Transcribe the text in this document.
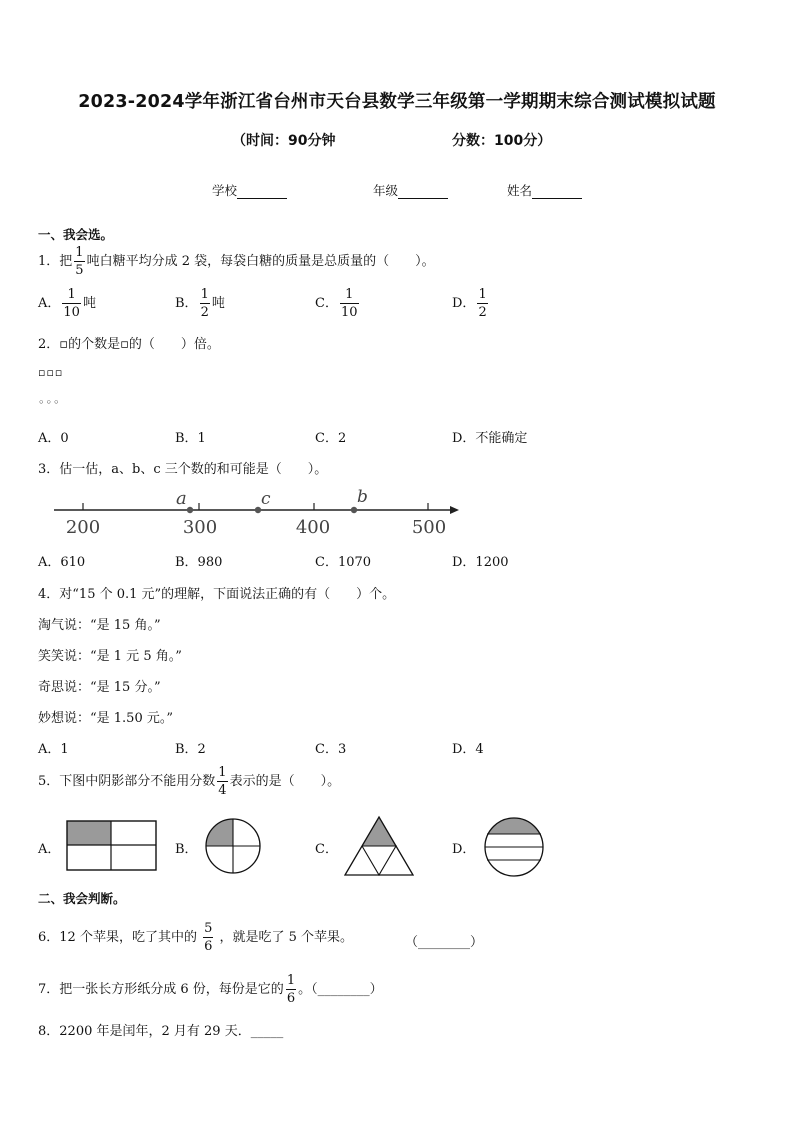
2023-2024学年浙江省台州市天台县数学三年级第一学期期末综合测试模拟试题
（时间：90分钟	分数：100分）
学校	年级	姓名
一、我会选。
1．把 $\frac{1}{5}$ 吨白糖平均分成 2 袋，每袋白糖的质量是总质量的（　　）。
A． $\frac{1}{10}$ 吨	B． $\frac{1}{2}$ 吨	C． $\frac{1}{10}$	D． $\frac{1}{2}$
2．▫的个数是▫的（　　）倍。
▫▫▫
◦◦◦
A．0	B．1	C．2	D．不能确定
3．估一估，a、b、c 三个数的和可能是（　　）。
a	c	b
200	300	400	500
A．610	B．980	C．1070	D．1200
4．对“15 个 0.1 元”的理解，下面说法正确的有（　　）个。
淘气说：“是 15 角。”
笑笑说：“是 1 元 5 角。”
奇思说：“是 15 分。”
妙想说：“是 1.50 元。”
A．1	B．2	C．3	D．4
5．下图中阴影部分不能用分数 $\frac{1}{4}$ 表示的是（　　）。
A．	B．	C．	D．
二、我会判断。
6．12 个苹果，吃了其中的 $\frac{5}{6}$ ，就是吃了 5 个苹果。	（________）
7．把一张长方形纸分成 6 份，每份是它的 $\frac{1}{6}$ 。（________）
8．2200 年是闰年，2 月有 29 天．_____
